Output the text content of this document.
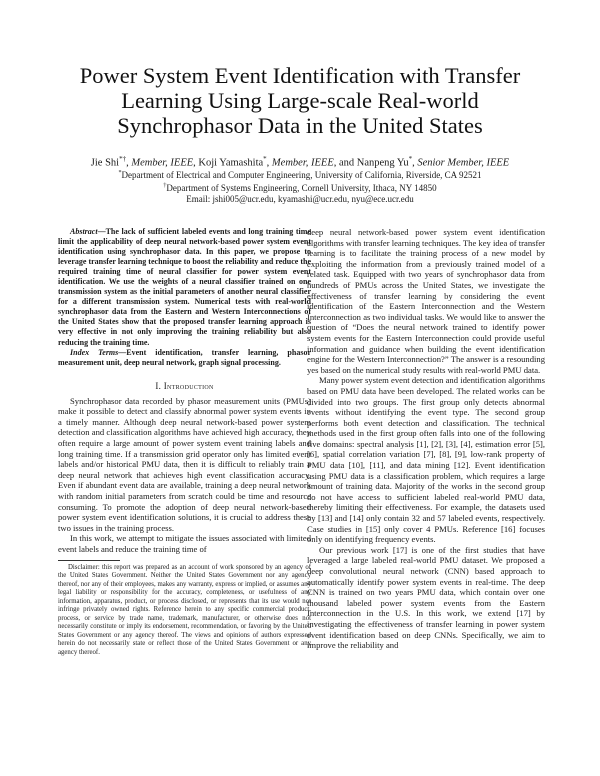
Power System Event Identification with Transfer
Learning Using Large-scale Real-world
Synchrophasor Data in the United States
Jie Shi*†, Member, IEEE, Koji Yamashita*, Member, IEEE, and Nanpeng Yu*, Senior Member, IEEE
*Department of Electrical and Computer Engineering, University of California, Riverside, CA 92521
†Department of Systems Engineering, Cornell University, Ithaca, NY 14850
Email: jshi005@ucr.edu, kyamashi@ucr.edu, nyu@ece.ucr.edu
Abstract—The lack of sufficient labeled events and long training time limit the applicability of deep neural network-based power system event identification using synchrophasor data. In this paper, we propose to leverage transfer learning technique to boost the reliability and reduce the required training time of neural classifier for power system event identification. We use the weights of a neural classifier trained on one transmission system as the initial parameters of another neural classifier for a different transmission system. Numerical tests with real-world synchrophasor data from the Eastern and Western Interconnections of the United States show that the proposed transfer learning approach is very effective in not only improving the training reliability but also reducing the training time.
Index Terms—Event identification, transfer learning, phasor measurement unit, deep neural network, graph signal processing.
I. Introduction

Synchrophasor data recorded by phasor measurement units (PMUs) make it possible to detect and classify abnormal power system events in a timely manner. Although deep neural network-based power system detection and classification algorithms have achieved high accuracy, they often require a large amount of power system event training labels and long training time. If a transmission grid operator only has limited event labels and/or historical PMU data, then it is difficult to reliably train a deep neural network that achieves high event classification accuracy. Even if abundant event data are available, training a deep neural network with random initial parameters from scratch could be time and resource consuming. To promote the adoption of deep neural network-based power system event identification solutions, it is crucial to address these two issues in the training process.

In this work, we attempt to mitigate the issues associated with limited event labels and reduce the training time of

Disclaimer: this report was prepared as an account of work sponsored by an agency of the United States Government. Neither the United States Government nor any agency thereof, nor any of their employees, makes any warranty, express or implied, or assumes any legal liability or responsibility for the accuracy, completeness, or usefulness of any information, apparatus, product, or process disclosed, or represents that its use would not infringe privately owned rights. Reference herein to any specific commercial product, process, or service by trade name, trademark, manufacturer, or otherwise does not necessarily constitute or imply its endorsement, recommendation, or favoring by the United States Government or any agency thereof. The views and opinions of authors expressed herein do not necessarily state or reflect those of the United States Government or any agency thereof.

deep neural network-based power system event identification algorithms with transfer learning techniques. The key idea of transfer learning is to facilitate the training process of a new model by exploiting the information from a previously trained model of a related task. Equipped with two years of synchrophasor data from hundreds of PMUs across the United States, we investigate the effectiveness of transfer learning by considering the event identification of the Eastern Interconnection and the Western Interconnection as two individual tasks. We would like to answer the question of “Does the neural network trained to identify power system events for the Eastern Interconnection could provide useful information and guidance when building the event identification engine for the Western Interconnection?” The answer is a resounding yes based on the numerical study results with real-world PMU data.

Many power system event detection and identification algorithms based on PMU data have been developed. The related works can be divided into two groups. The first group only detects abnormal events without identifying the event type. The second group performs both event detection and classification. The technical methods used in the first group often falls into one of the following five domains: spectral analysis [1], [2], [3], [4], estimation error [5], [6], spatial correlation variation [7], [8], [9], low-rank property of PMU data [10], [11], and data mining [12]. Event identification using PMU data is a classification problem, which requires a large amount of training data. Majority of the works in the second group do not have access to sufficient labeled real-world PMU data, thereby limiting their effectiveness. For example, the datasets used by [13] and [14] only contain 32 and 57 labeled events, respectively. Case studies in [15] only cover 4 PMUs. Reference [16] focuses only on identifying frequency events.

Our previous work [17] is one of the first studies that have leveraged a large labeled real-world PMU dataset. We proposed a deep convolutional neural network (CNN) based approach to automatically identify power system events in real-time. The deep CNN is trained on two years PMU data, which contain over one thousand labeled power system events from the Eastern Interconnection in the U.S. In this work, we extend [17] by investigating the effectiveness of transfer learning in power system event identification based on deep CNNs. Specifically, we aim to improve the reliability and
